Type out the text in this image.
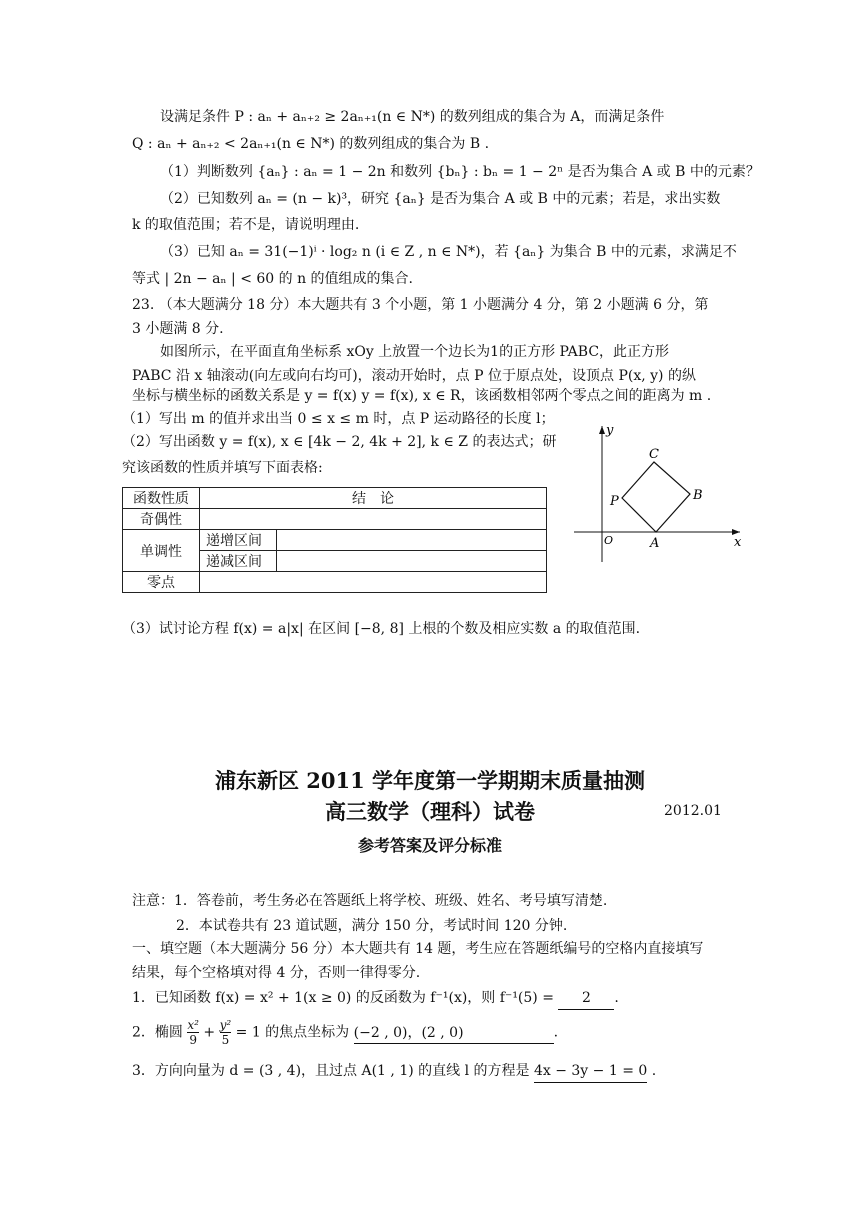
设满足条件 P : aₙ + aₙ₊₂ ≥ 2aₙ₊₁(n ∈ N*) 的数列组成的集合为 A，而满足条件
Q : aₙ + aₙ₊₂ < 2aₙ₊₁(n ∈ N*) 的数列组成的集合为 B .
（1）判断数列 {aₙ} : aₙ = 1 − 2n 和数列 {bₙ} : bₙ = 1 − 2ⁿ 是否为集合 A 或 B 中的元素？
（2）已知数列 aₙ = (n − k)³，研究 {aₙ} 是否为集合 A 或 B 中的元素；若是，求出实数
k 的取值范围；若不是，请说明理由.
（3）已知 aₙ = 31(−1)ⁱ · log₂ n (i ∈ Z , n ∈ N*)，若 {aₙ} 为集合 B 中的元素，求满足不
等式 | 2n − aₙ | < 60 的 n 的值组成的集合.
23. （本大题满分 18 分）本大题共有 3 个小题，第 1 小题满分 4 分，第 2 小题满 6 分，第
3 小题满 8 分.
如图所示，在平面直角坐标系 xOy 上放置一个边长为1的正方形 PABC，此正方形
PABC 沿 x 轴滚动(向左或向右均可)，滚动开始时，点 P 位于原点处，设顶点 P(x, y) 的纵
坐标与横坐标的函数关系是 y = f(x) y = f(x), x ∈ R，该函数相邻两个零点之间的距离为 m .
（1）写出 m 的值并求出当 0 ≤ x ≤ m 时，点 P 运动路径的长度 l；
（2）写出函数 y = f(x), x ∈ [4k − 2, 4k + 2], k ∈ Z 的表达式；研
究该函数的性质并填写下面表格:
函数性质	结　论	
奇偶性		
单调性	递增区间	
	递减区间	
零点		
y
x
O
P
A
B
C
（3）试讨论方程 f(x) = a|x| 在区间 [−8, 8] 上根的个数及相应实数 a 的取值范围.
浦东新区 2011 学年度第一学期期末质量抽测
高三数学（理科）试卷	2012.01
参考答案及评分标准
注意：1．答卷前，考生务必在答题纸上将学校、班级、姓名、考号填写清楚.
2．本试卷共有 23 道试题，满分 150 分，考试时间 120 分钟.
一、填空题（本大题满分 56 分）本大题共有 14 题，考生应在答题纸编号的空格内直接填写
结果，每个空格填对得 4 分，否则一律得零分.
1．已知函数 f(x) = x² + 1(x ≥ 0) 的反函数为 f⁻¹(x)，则 f⁻¹(5) = 2 .
2．椭圆 $\frac{\text{x²}}{9} + \frac{\text{y²}}{5} = 1$ 的焦点坐标为 (−2 , 0)，(2 , 0)	.
3．方向向量为 d = (3 , 4)，且过点 A(1 , 1) 的直线 l 的方程是 4x − 3y − 1 = 0 .
